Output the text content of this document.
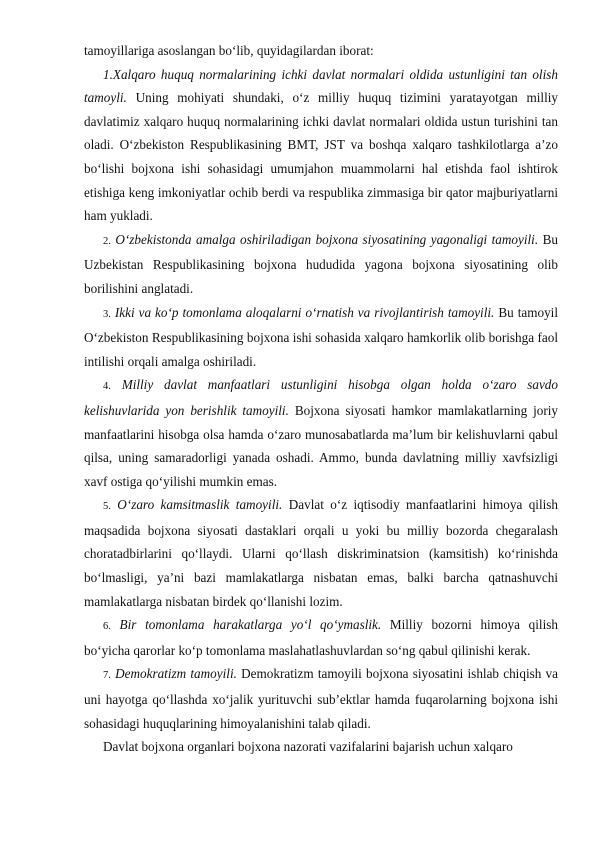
tamoyillariga asoslangan bo‘lib, quyidagilardan iborat:

1.Xalqaro huquq normalarining ichki davlat normalari oldida ustunligini tan olish tamoyli. Uning mohiyati shundaki, o‘z milliy huquq tizimini yaratayotgan milliy davlatimiz xalqaro huquq normalarining ichki davlat normalari oldida ustun turishini tan oladi. O‘zbekiston Respublikasining BMT, JST va boshqa xalqaro tashkilotlarga a’zo bo‘lishi bojxona ishi sohasidagi umumjahon muammolarni hal etishda faol ishtirok etishiga keng imkoniyatlar ochib berdi va respublika zimmasiga bir qator majburiyatlarni ham yukladi.

2. O‘zbekistonda amalga oshiriladigan bojxona siyosatining yagonaligi tamoyili. Bu Uzbekistan Respublikasining bojxona hududida yagona bojxona siyosatining olib borilishini anglatadi.

3. Ikki va ko‘p tomonlama aloqalarni o‘rnatish va rivojlantirish tamoyili. Bu tamoyil O‘zbekiston Respublikasining bojxona ishi sohasida xalqaro hamkorlik olib borishga faol intilishi orqali amalga oshiriladi.

4. Milliy davlat manfaatlari ustunligini hisobga olgan holda o‘zaro savdo kelishuvlarida yon berishlik tamoyili. Bojxona siyosati hamkor mamlakatlarning joriy manfaatlarini hisobga olsa hamda o‘zaro munosabatlarda ma’lum bir kelishuvlarni qabul qilsa, uning samaradorligi yanada oshadi. Ammo, bunda davlatning milliy xavfsizligi xavf ostiga qo‘yilishi mumkin emas.

5. O‘zaro kamsitmaslik tamoyili. Davlat o‘z iqtisodiy manfaatlarini himoya qilish maqsadida bojxona siyosati dastaklari orqali u yoki bu milliy bozorda chegaralash choratadbirlarini qo‘llaydi. Ularni qo‘llash diskriminatsion (kamsitish) ko‘rinishda bo‘lmasligi, ya’ni bazi mamlakatlarga nisbatan emas, balki barcha qatnashuvchi mamlakatlarga nisbatan birdek qo‘llanishi lozim.

6. Bir tomonlama harakatlarga yo‘l qo‘ymaslik. Milliy bozorni himoya qilish bo‘yicha qarorlar ko‘p tomonlama maslahatlashuvlardan so‘ng qabul qilinishi kerak.

7. Demokratizm tamoyili. Demokratizm tamoyili bojxona siyosatini ishlab chiqish va uni hayotga qo‘llashda xo‘jalik yurituvchi sub’ektlar hamda fuqarolarning bojxona ishi sohasidagi huquqlarining himoyalanishini talab qiladi.

Davlat bojxona organlari bojxona nazorati vazifalarini bajarish uchun xalqaro
